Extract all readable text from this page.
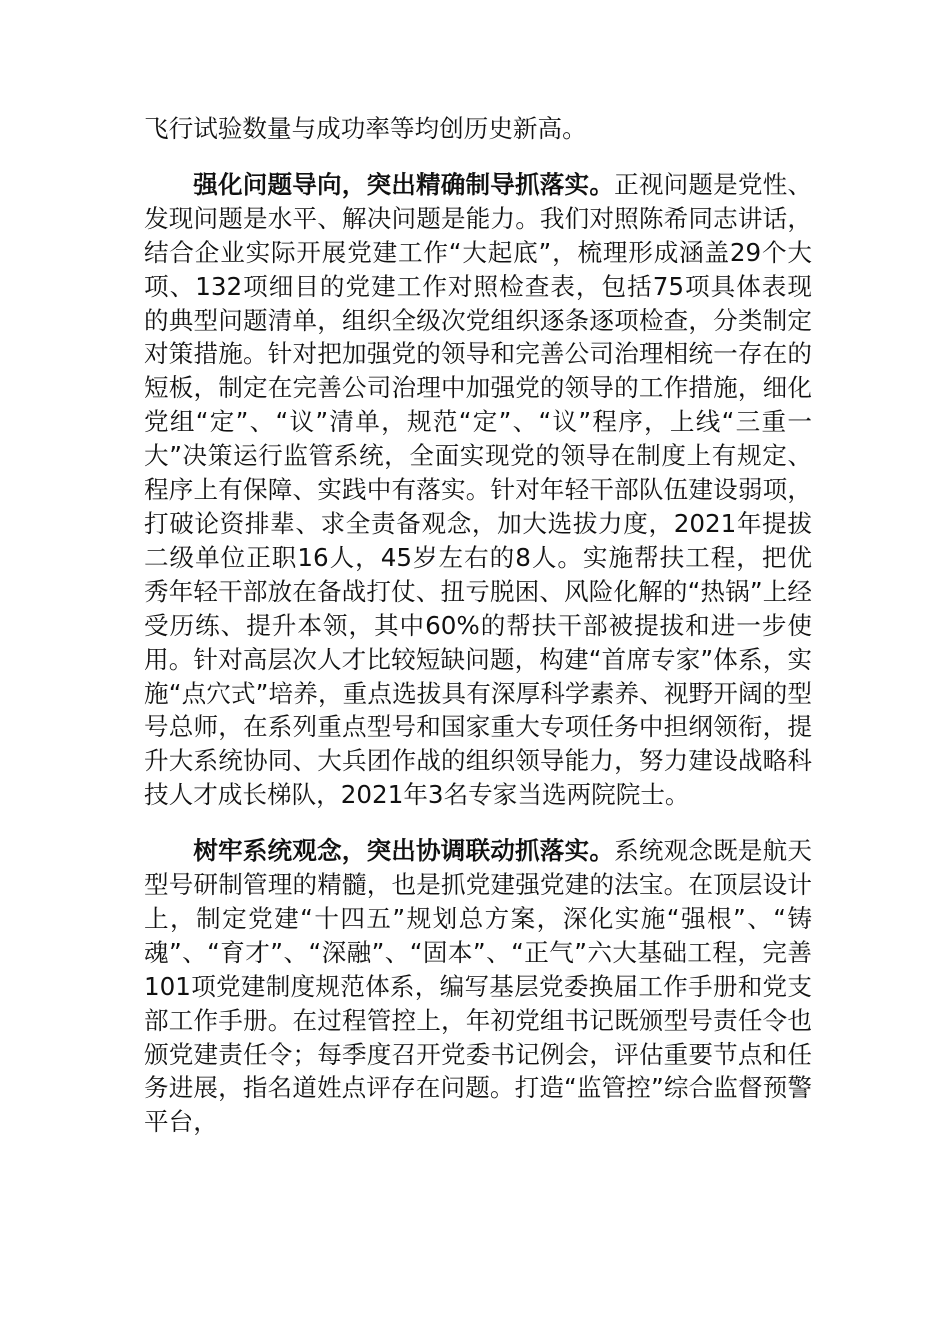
飞行试验数量与成功率等均创历史新高。

强化问题导向，突出精确制导抓落实。正视问题是党性、发现问题是水平、解决问题是能力。我们对照陈希同志讲话，结合企业实际开展党建工作“大起底”，梳理形成涵盖29个大项、132项细目的党建工作对照检查表，包括75项具体表现的典型问题清单，组织全级次党组织逐条逐项检查，分类制定对策措施。针对把加强党的领导和完善公司治理相统一存在的短板，制定在完善公司治理中加强党的领导的工作措施，细化党组“定”、“议”清单，规范“定”、“议”程序，上线“三重一大”决策运行监管系统，全面实现党的领导在制度上有规定、程序上有保障、实践中有落实。针对年轻干部队伍建设弱项，打破论资排辈、求全责备观念，加大选拔力度，2021年提拔二级单位正职16人，45岁左右的8人。实施帮扶工程，把优秀年轻干部放在备战打仗、扭亏脱困、风险化解的“热锅”上经受历练、提升本领，其中60%的帮扶干部被提拔和进一步使用。针对高层次人才比较短缺问题，构建“首席专家”体系，实施“点穴式”培养，重点选拔具有深厚科学素养、视野开阔的型号总师，在系列重点型号和国家重大专项任务中担纲领衔，提升大系统协同、大兵团作战的组织领导能力，努力建设战略科技人才成长梯队，2021年3名专家当选两院院士。

树牢系统观念，突出协调联动抓落实。系统观念既是航天型号研制管理的精髓，也是抓党建强党建的法宝。在顶层设计上，制定党建“十四五”规划总方案，深化实施“强根”、“铸魂”、“育才”、“深融”、“固本”、“正气”六大基础工程，完善101项党建制度规范体系，编写基层党委换届工作手册和党支部工作手册。在过程管控上，年初党组书记既颁型号责任令也颁党建责任令；每季度召开党委书记例会，评估重要节点和任务进展，指名道姓点评存在问题。打造“监管控”综合监督预警平台，
